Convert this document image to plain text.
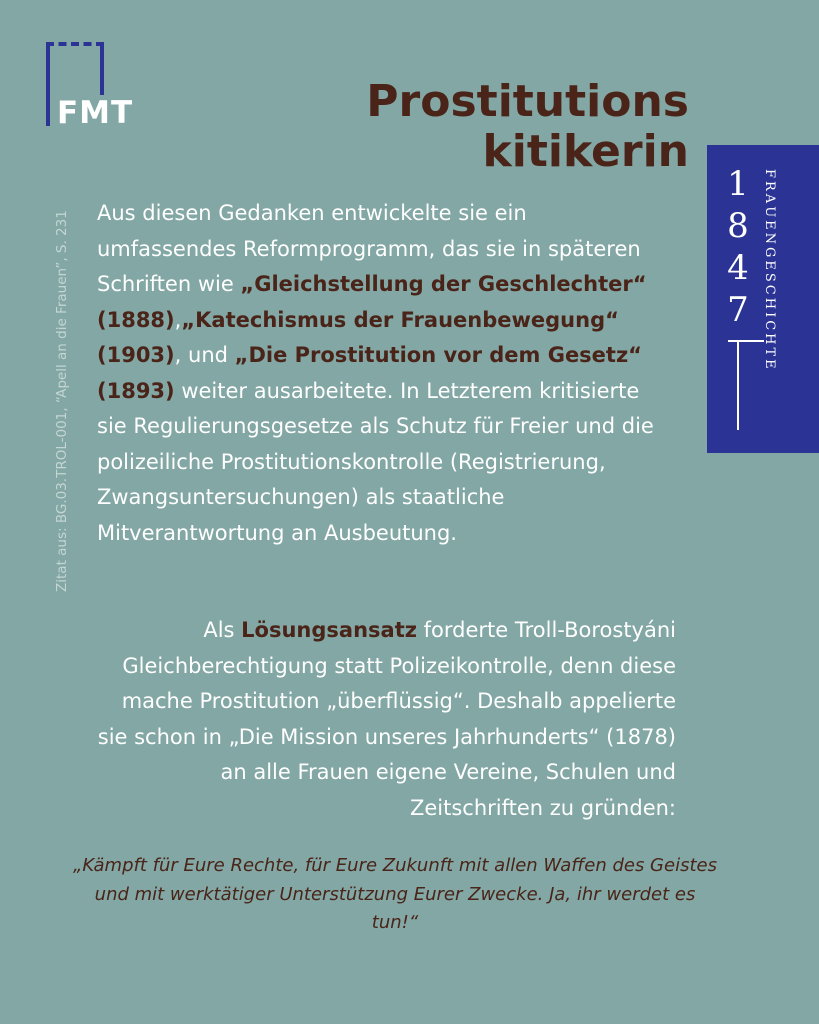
FMT	Prostitutions
kitikerin
1
8
4
7 FRAUENGESCHICHTE
Zitat aus: BG.03.TROL-001, “Apell an die Frauen”, S. 231 Aus diesen Gedanken entwickelte sie ein umfassendes Reformprogramm, das sie in späteren Schriften wie „Gleichstellung der Geschlechter“ (1888),„Katechismus der Frauenbewegung“ (1903), und „Die Prostitution vor dem Gesetz“ (1893) weiter ausarbeitete. In Letzterem kritisierte sie Regulierungsgesetze als Schutz für Freier und die polizeiliche Prostitutionskontrolle (Registrierung, Zwangsuntersuchungen) als staatliche Mitverantwortung an Ausbeutung.
Als Lösungsansatz forderte Troll-Borostyáni Gleichberechtigung statt Polizeikontrolle, denn diese mache Prostitution „überflüssig“. Deshalb appelierte sie schon in „Die Mission unseres Jahrhunderts“ (1878) an alle Frauen eigene Vereine, Schulen und Zeitschriften zu gründen:
„Kämpft für Eure Rechte, für Eure Zukunft mit allen Waffen des Geistes und mit werktätiger Unterstützung Eurer Zwecke. Ja, ihr werdet es tun!“
